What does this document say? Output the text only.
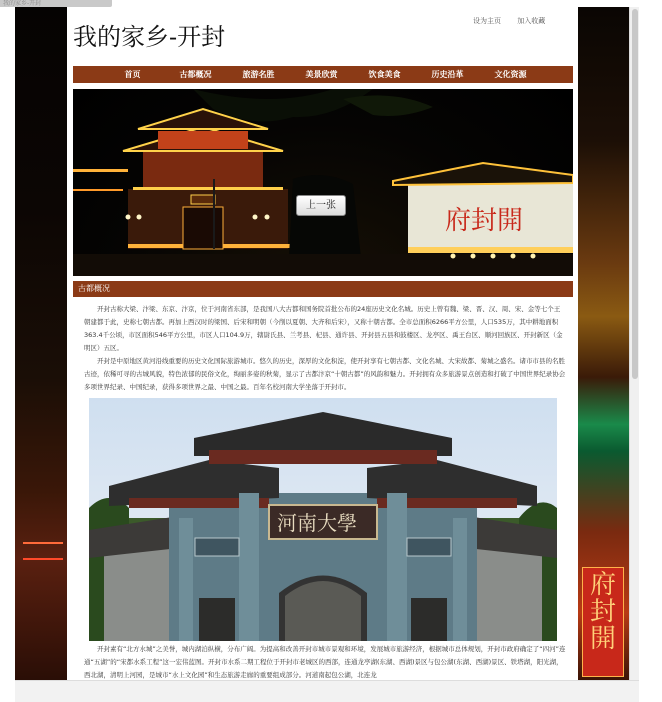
我的家乡-开封
府封開
我的家乡-开封
设为主页 加入收藏
首页	古都概况	旅游名胜	美景欣赏	饮食美食	历史沿革	文化资源
府封開
上一张
古都概况

开封古称大梁、汴梁、东京、汴京，位于河南省东部，是我国八大古都和国务院首批公布的24座历史文化名城。历史上曾有魏、梁、晋、汉、周、宋、金等七个王朝建都于此，史称七朝古都。再加上西汉时的梁国、后宋和明朝（今削以夏朝、大齐和后宋），又称十朝古都。全市总面积6266平方公里，人口535万，其中耕地面积363.4千公顷，市区面积546平方公里，市区人口104.9万，辖尉氏县、兰考县、杞县、通许县、开封县五县和鼓楼区、龙亭区、禹王台区、顺河回族区、开封新区（金明区）五区。

开封是中原地区黄河沿线重要的历史文化国际旅游城市。悠久的历史，深厚的文化积淀，使开封享有七朝古都、文化名城、大宋故都、菊城之盛名。诸市市县的名胜古迹，依稀可寻的古城风貌，特色浓郁的民俗文化，绚丽多姿的秋菊，显示了古都汴京“十朝古都”的风韵和魅力。开封拥有众多旅游景点创造和打破了中国世界纪录协会多项世界纪录、中国纪录，获得多项世界之最、中国之最。百年名校河南大学坐落于开封市。

河南大學

开封素有“北方水城”之美誉，城内湖泊纵横，分布广阔。为提高和改善开封市城市景观和环境，发展城市旅游经济，根据城市总体规划，开封市政府确定了“四河”连通“五湖”的“宋都水系工程”这一宏伟蓝图。开封市水系二期工程位于开封市老城区的西部，连通龙亭湖(东湖、西湖)景区与包公湖(东湖、西湖)景区、铁塔湖，阳光湖，西北湖，清明上河园，是城市“水上文化园”和生态旅游走廊的重要组成部分。河道南起包公湖，北连龙
